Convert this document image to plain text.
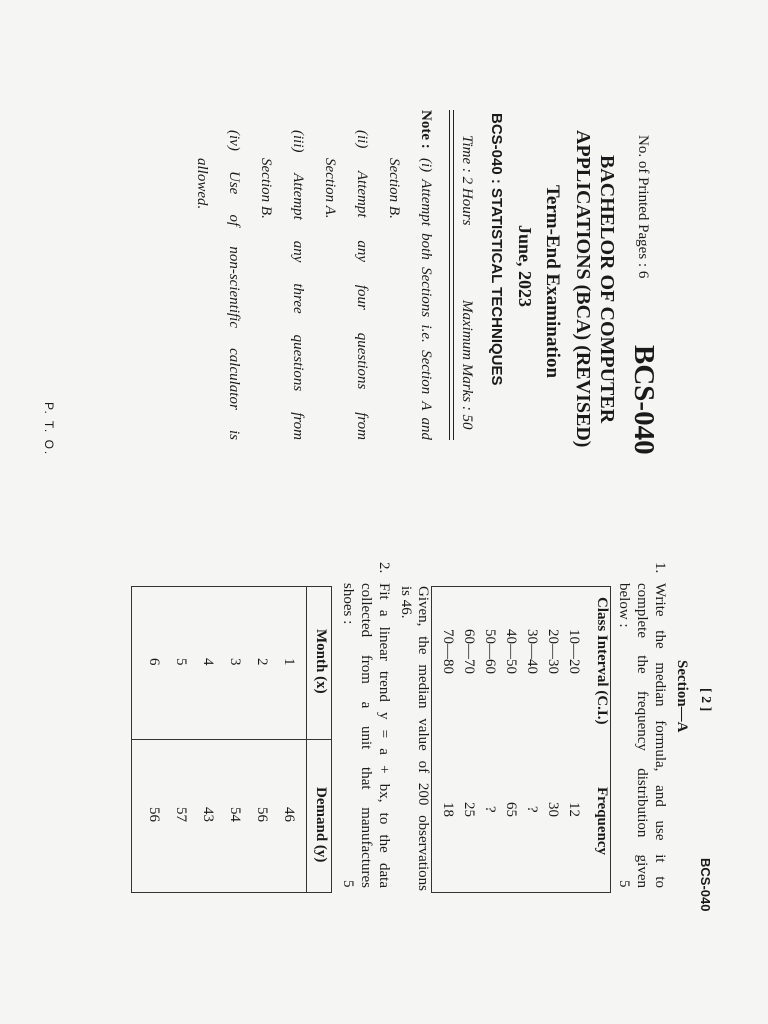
No. of Printed Pages : 6
BCS-040
BACHELOR OF COMPUTER
APPLICATIONS (BCA) (REVISED)
Term-End Examination
June, 2023
BCS-040 : STATISTICAL TECHNIQUES
Time : 2 Hours
Maximum Marks : 50
Note :
(i) Attempt both Sections i.e. Section A and
Section B.
(ii) Attempt any four questions from
Section A.
(iii) Attempt any three questions from
Section B.
(iv) Use of non-scientific calculator is
allowed.
P. T. O.
[ 2 ]
BCS-040
Section—A
1.
Write the median formula, and use it to
complete the frequency distribution given
below :
5
Class Interval (C.I.)
Frequency
10—20
12
20—30
30
30—40
?
40—50
65
50—60
?
60—70
25
70—80
18
Given, the median value of 200 observations
is 46.
2.
Fit a linear trend y = a + bx, to the data
collected from a unit that manufactures
shoes :
5
Month (x)
Demand (y)
1
46
2
56
3
54
4
43
5
57
6
56
